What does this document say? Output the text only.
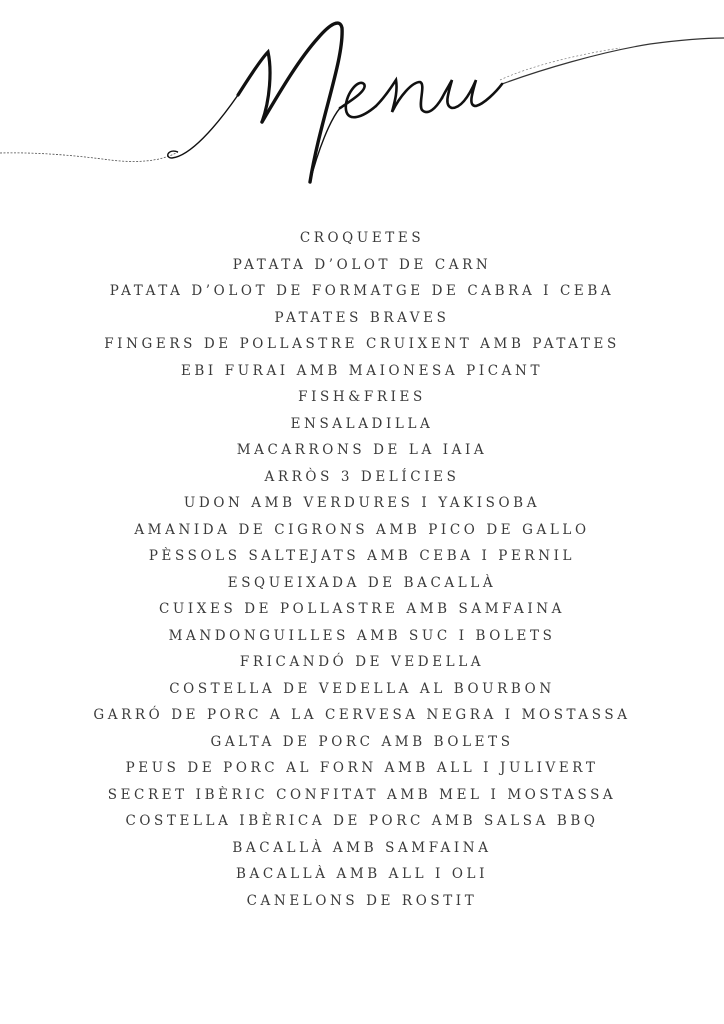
CROQUETES
PATATA D’OLOT DE CARN
PATATA D’OLOT DE FORMATGE DE CABRA I CEBA
PATATES BRAVES
FINGERS DE POLLASTRE CRUIXENT AMB PATATES
EBI FURAI AMB MAIONESA PICANT
FISH&FRIES
ENSALADILLA
MACARRONS DE LA IAIA
ARRÒS 3 DELÍCIES
UDON AMB VERDURES I YAKISOBA
AMANIDA DE CIGRONS AMB PICO DE GALLO
PÈSSOLS SALTEJATS AMB CEBA I PERNIL
ESQUEIXADA DE BACALLÀ
CUIXES DE POLLASTRE AMB SAMFAINA
MANDONGUILLES AMB SUC I BOLETS
FRICANDÓ DE VEDELLA
COSTELLA DE VEDELLA AL BOURBON
GARRÓ DE PORC A LA CERVESA NEGRA I MOSTASSA
GALTA DE PORC AMB BOLETS
PEUS DE PORC AL FORN AMB ALL I JULIVERT
SECRET IBÈRIC CONFITAT AMB MEL I MOSTASSA
COSTELLA IBÈRICA DE PORC AMB SALSA BBQ
BACALLÀ AMB SAMFAINA
BACALLÀ AMB ALL I OLI
CANELONS DE ROSTIT
